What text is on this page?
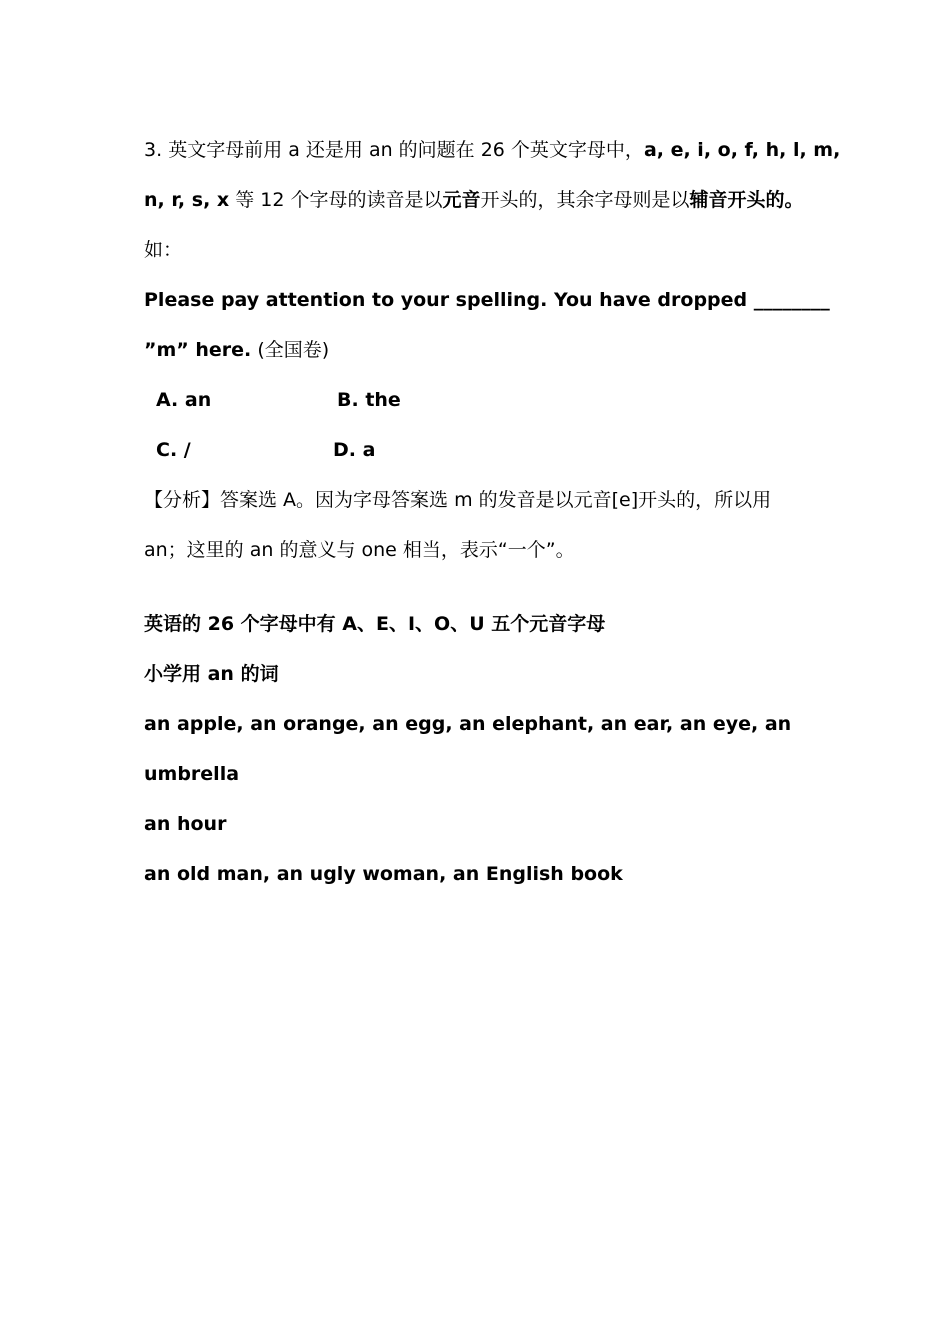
3. 英文字母前用 a 还是用 an 的问题在 26 个英文字母中，a, e, i, o, f, h, l, m,
n, r, s, x 等 12 个字母的读音是以元音开头的，其余字母则是以辅音开头的。
如：
Please pay attention to your spelling. You have dropped ________
”m” here. (全国卷)
A. an	B. the
C. /	D. a
【分析】答案选 A。因为字母答案选 m 的发音是以元音[e]开头的，所以用
an；这里的 an 的意义与 one 相当，表示“一个”。
英语的 26 个字母中有 A、E、I、O、U 五个元音字母
小学用 an 的词
an apple, an orange, an egg, an elephant, an ear, an eye, an
umbrella
an hour
an old man, an ugly woman, an English book
